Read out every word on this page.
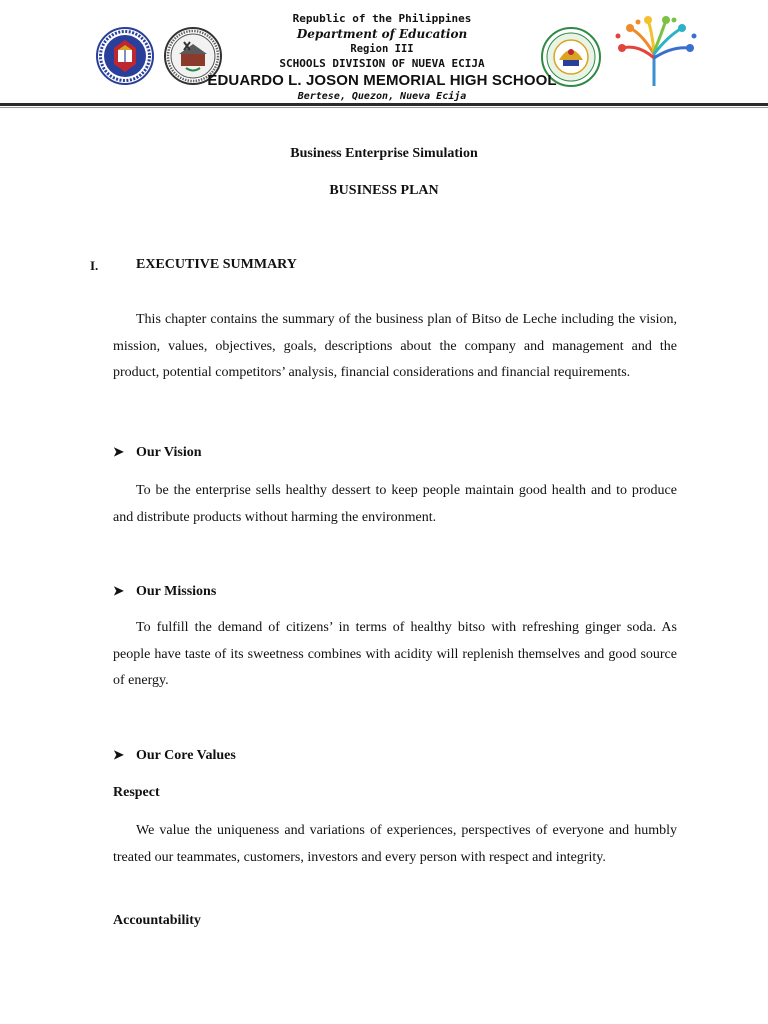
Republic of the Philippines
Department of Education
Region III
SCHOOLS DIVISION OF NUEVA ECIJA
EDUARDO L. JOSON MEMORIAL HIGH SCHOOL
Bertese, Quezon, Nueva Ecija
Business Enterprise Simulation
BUSINESS PLAN
I.	EXECUTIVE SUMMARY
This chapter contains the summary of the business plan of Bitso de Leche including the vision, mission, values, objectives, goals, descriptions about the company and management and the product, potential competitors’ analysis, financial considerations and financial requirements.
➤ Our Vision
To be the enterprise sells healthy dessert to keep people maintain good health and to produce and distribute products without harming the environment.
➤ Our Missions
To fulfill the demand of citizens’ in terms of healthy bitso with refreshing ginger soda. As people have taste of its sweetness combines with acidity will replenish themselves and good source of energy.
➤ Our Core Values
Respect
We value the uniqueness and variations of experiences, perspectives of everyone and humbly treated our teammates, customers, investors and every person with respect and integrity.
Accountability
